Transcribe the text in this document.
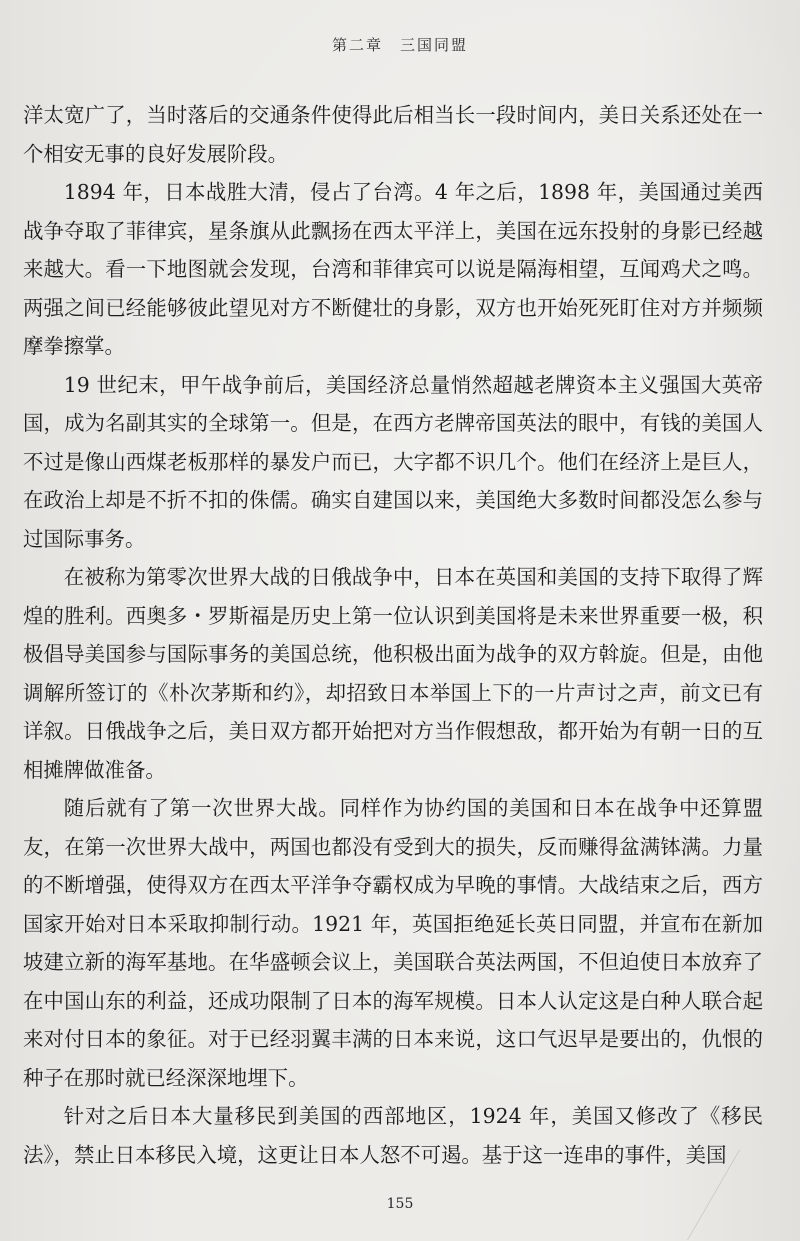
第二章　三国同盟

洋太宽广了，当时落后的交通条件使得此后相当长一段时间内，美日关系还处在一个相安无事的良好发展阶段。

1894 年，日本战胜大清，侵占了台湾。4 年之后，1898 年，美国通过美西战争夺取了菲律宾，星条旗从此飘扬在西太平洋上，美国在远东投射的身影已经越来越大。看一下地图就会发现，台湾和菲律宾可以说是隔海相望，互闻鸡犬之鸣。两强之间已经能够彼此望见对方不断健壮的身影，双方也开始死死盯住对方并频频摩拳擦掌。

19 世纪末，甲午战争前后，美国经济总量悄然超越老牌资本主义强国大英帝国，成为名副其实的全球第一。但是，在西方老牌帝国英法的眼中，有钱的美国人不过是像山西煤老板那样的暴发户而已，大字都不识几个。他们在经济上是巨人，在政治上却是不折不扣的侏儒。确实自建国以来，美国绝大多数时间都没怎么参与过国际事务。

在被称为第零次世界大战的日俄战争中，日本在英国和美国的支持下取得了辉煌的胜利。西奥多・罗斯福是历史上第一位认识到美国将是未来世界重要一极，积极倡导美国参与国际事务的美国总统，他积极出面为战争的双方斡旋。但是，由他调解所签订的《朴次茅斯和约》，却招致日本举国上下的一片声讨之声，前文已有详叙。日俄战争之后，美日双方都开始把对方当作假想敌，都开始为有朝一日的互相摊牌做准备。

随后就有了第一次世界大战。同样作为协约国的美国和日本在战争中还算盟友，在第一次世界大战中，两国也都没有受到大的损失，反而赚得盆满钵满。力量的不断增强，使得双方在西太平洋争夺霸权成为早晚的事情。大战结束之后，西方国家开始对日本采取抑制行动。1921 年，英国拒绝延长英日同盟，并宣布在新加坡建立新的海军基地。在华盛顿会议上，美国联合英法两国，不但迫使日本放弃了在中国山东的利益，还成功限制了日本的海军规模。日本人认定这是白种人联合起来对付日本的象征。对于已经羽翼丰满的日本来说，这口气迟早是要出的，仇恨的种子在那时就已经深深地埋下。

针对之后日本大量移民到美国的西部地区，1924 年，美国又修改了《移民法》，禁止日本移民入境，这更让日本人怒不可遏。基于这一连串的事件，美国

155
